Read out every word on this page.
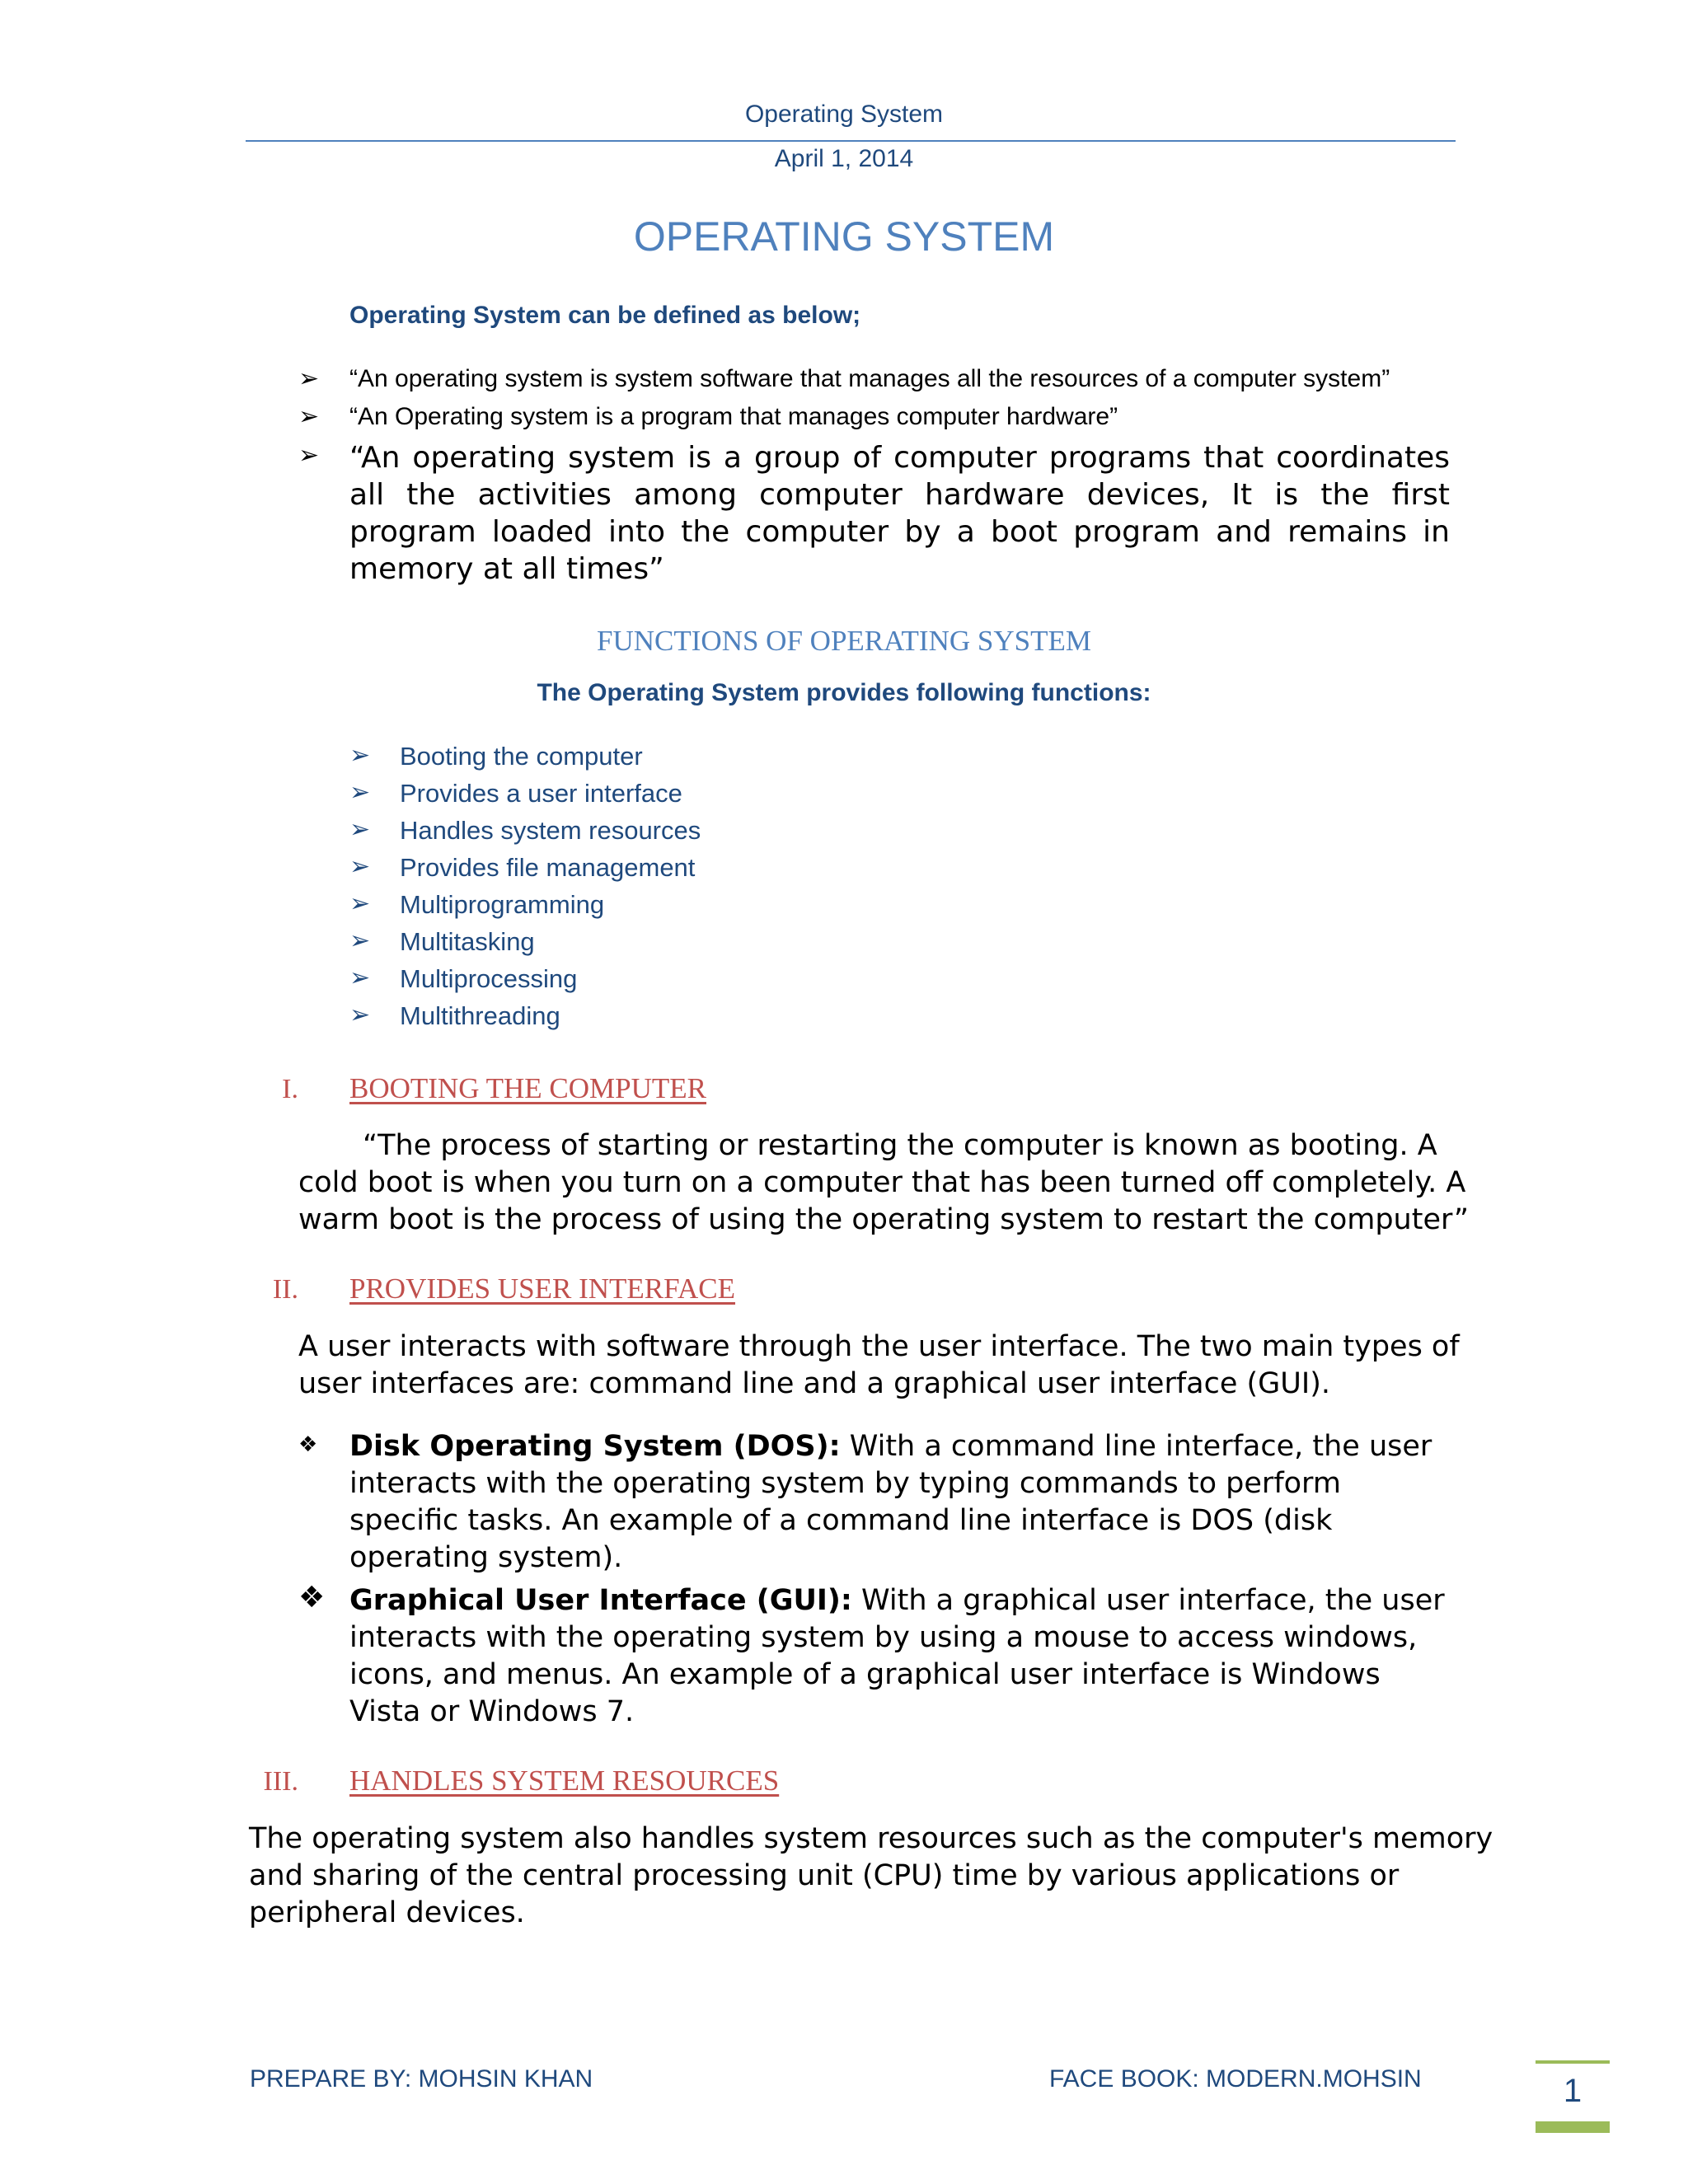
Operating System
April 1, 2014
OPERATING SYSTEM
Operating System can be defined as below;
➢ “An operating system is system software that manages all the resources of a computer system”
➢ “An Operating system is a program that manages computer hardware”
➢ “An operating system is a group of computer programs that coordinates all the activities among computer hardware devices, It is the first program loaded into the computer by a boot program and remains in memory at all times”
FUNCTIONS OF OPERATING SYSTEM
The Operating System provides following functions:
➢ Booting the computer
➢ Provides a user interface
➢ Handles system resources
➢ Provides file management
➢ Multiprogramming
➢ Multitasking
➢ Multiprocessing
➢ Multithreading
I. BOOTING THE COMPUTER
“The process of starting or restarting the computer is known as booting. A
cold boot is when you turn on a computer that has been turned off completely. A
warm boot is the process of using the operating system to restart the computer”
II. PROVIDES USER INTERFACE
A user interacts with software through the user interface. The two main types of
user interfaces are: command line and a graphical user interface (GUI).
❖ Disk Operating System (DOS): With a command line interface, the user interacts with the operating system by typing commands to perform specific tasks. An example of a command line interface is DOS (disk operating system).
❖ Graphical User Interface (GUI): With a graphical user interface, the user interacts with the operating system by using a mouse to access windows, icons, and menus. An example of a graphical user interface is Windows Vista or Windows 7.
III. HANDLES SYSTEM RESOURCES
The operating system also handles system resources such as the computer's memory
and sharing of the central processing unit (CPU) time by various applications or
peripheral devices.
PREPARE BY: MOHSIN KHAN	FACE BOOK: MODERN.MOHSIN	1
